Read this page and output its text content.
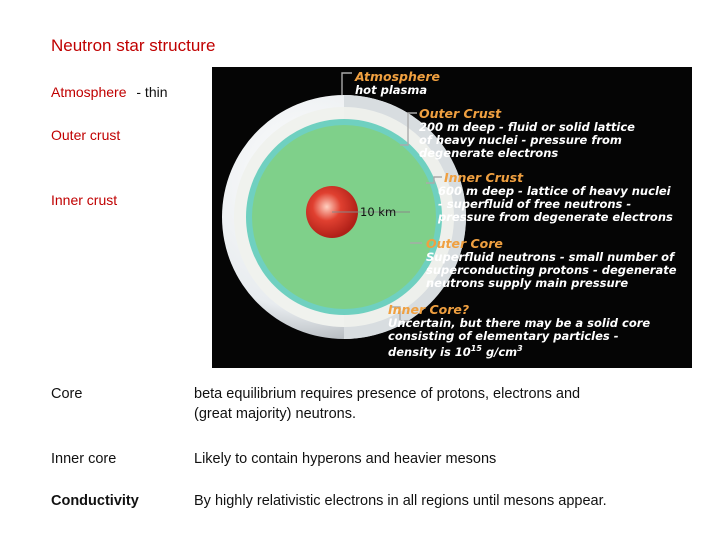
Neutron star structure
Atmosphere - thin
Outer crust
Inner crust
Atmosphere
hot plasma
Outer Crust
200 m deep - fluid or solid lattice
of heavy nuclei - pressure from
degenerate electrons
Inner Crust
600 m deep - lattice of heavy nuclei
- superfluid of free neutrons -
pressure from degenerate electrons
10 km
Outer Core
Superfluid neutrons - small number of
superconducting protons - degenerate
neutrons supply main pressure
Inner Core?
Uncertain, but there may be a solid core
consisting of elementary particles -
density is $10^{15}$ $g/cm^3$
Core	beta equilibrium requires presence of protons, electrons and
(great majority) neutrons.
Inner core	Likely to contain hyperons and heavier mesons
Conductivity	By highly relativistic electrons in all regions until mesons appear.
